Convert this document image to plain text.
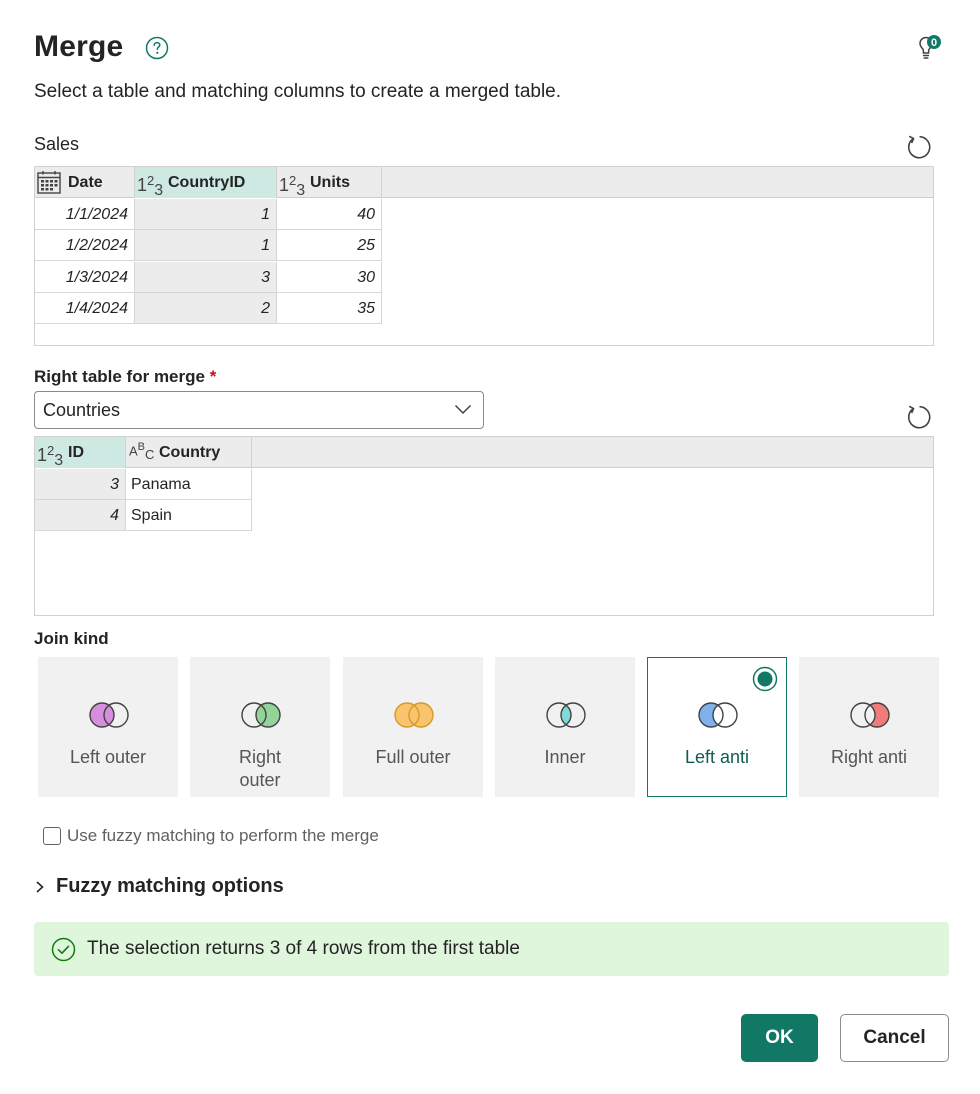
Merge	0
Select a table and matching columns to create a merged table.
Sales
Date $1^2_3$ CountryID $1^2_3$ Units
1/1/2024	1	40
1/2/2024	1	25
1/3/2024	3	30
1/4/2024	2	35
Right table for merge *
Countries
$1^2_3$ ID	$A^B_C$ Country
3 Panama
4 Spain
Join kind
Left outer	Right outer
Full outer	Inner	Left anti	Right anti
Use fuzzy matching to perform the merge
Fuzzy matching options
The selection returns 3 of 4 rows from the first table
OK	Cancel
